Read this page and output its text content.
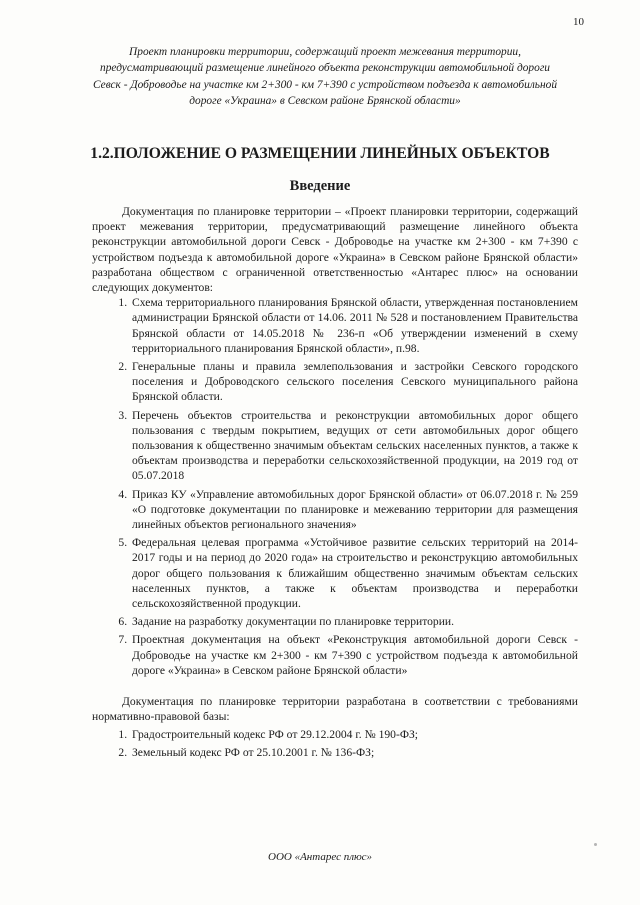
10
Проект планировки территории, содержащий проект межевания территории, предусматривающий размещение линейного объекта реконструкции автомобильной дороги Севск - Доброводье на участке км 2+300 - км 7+390 с устройством подъезда к автомобильной дороге «Украина» в Севском районе Брянской области»
1.2.ПОЛОЖЕНИЕ О РАЗМЕЩЕНИИ ЛИНЕЙНЫХ ОБЪЕКТОВ
Введение

Документация по планировке территории – «Проект планировки территории, содержащий проект межевания территории, предусматривающий размещение линейного объекта реконструкции автомобильной дороги Севск - Доброводье на участке км 2+300 - км 7+390 с устройством подъезда к автомобильной дороге «Украина» в Севском районе Брянской области» разработана обществом с ограниченной ответственностью «Антарес плюс» на основании следующих документов:

1. Схема территориального планирования Брянской области, утвержденная постановлением администрации Брянской области от 14.06. 2011 № 528 и постановлением Правительства Брянской области от 14.05.2018 № 236-п «Об утверждении изменений в схему территориального планирования Брянской области», п.98.
2. Генеральные планы и правила землепользования и застройки Севского городского поселения и Доброводского сельского поселения Севского муниципального района Брянской области.
3. Перечень объектов строительства и реконструкции автомобильных дорог общего пользования с твердым покрытием, ведущих от сети автомобильных дорог общего пользования к общественно значимым объектам сельских населенных пунктов, а также к объектам производства и переработки сельскохозяйственной продукции, на 2019 год от 05.07.2018
4. Приказ КУ «Управление автомобильных дорог Брянской области» от 06.07.2018 г. № 259 «О подготовке документации по планировке и межеванию территории для размещения линейных объектов регионального значения»
5. Федеральная целевая программа «Устойчивое развитие сельских территорий на 2014-2017 годы и на период до 2020 года» на строительство и реконструкцию автомобильных дорог общего пользования к ближайшим общественно значимым объектам сельских населенных пунктов, а также к объектам производства и переработки сельскохозяйственной продукции.
6. Задание на разработку документации по планировке территории.
7. Проектная документация на объект «Реконструкция автомобильной дороги Севск - Доброводье на участке км 2+300 - км 7+390 с устройством подъезда к автомобильной дороге «Украина» в Севском районе Брянской области»

Документация по планировке территории разработана в соответствии с требованиями нормативно-правовой базы:

1. Градостроительный кодекс РФ от 29.12.2004 г. № 190-ФЗ;
2. Земельный кодекс РФ от 25.10.2001 г. № 136-ФЗ;
ООО «Антарес плюс»
